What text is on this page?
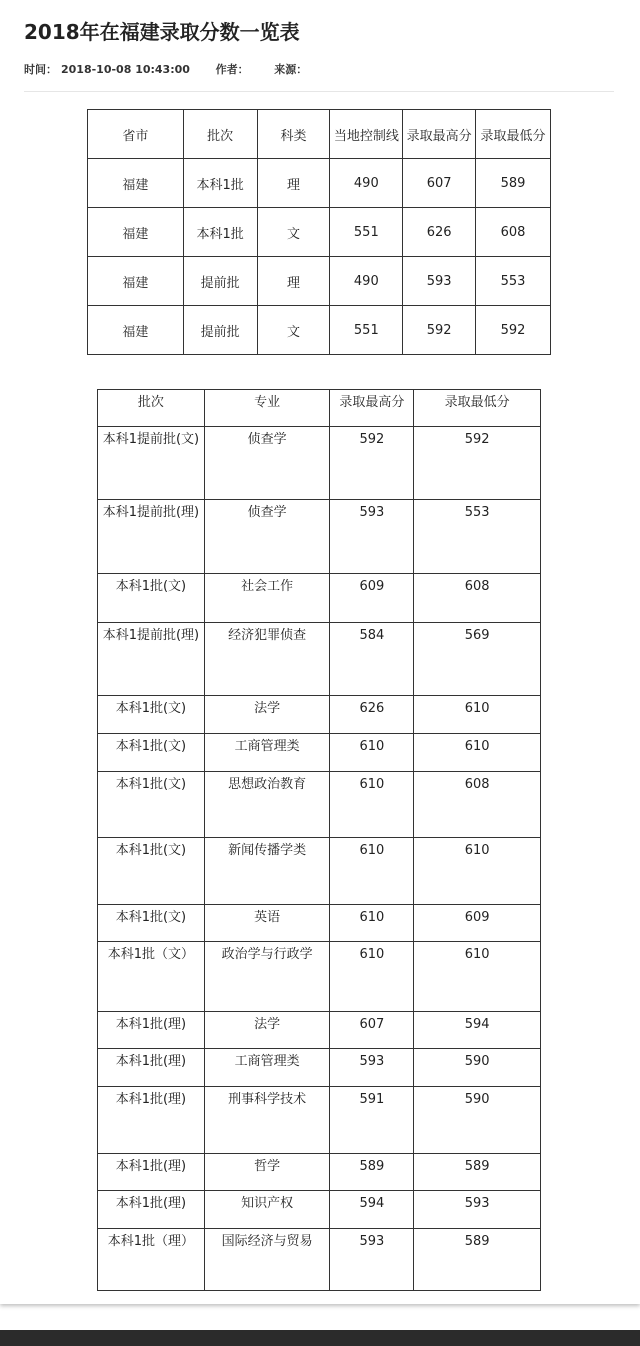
2018年在福建录取分数一览表
时间： 2018-10-08 10:43:00 作者： 来源：
省市	批次	科类	当地控制线	录取最高分	录取最低分
福建	本科1批	理	490	607	589
福建	本科1批	文	551	626	608
福建	提前批	理	490	593	553
福建	提前批	文	551	592	592
批次	专业	录取最高分	录取最低分
本科1提前批(文)	侦查学	592	592
本科1提前批(理)	侦查学	593	553
本科1批(文)	社会工作	609	608
本科1提前批(理)	经济犯罪侦查	584	569
本科1批(文)	法学	626	610
本科1批(文)	工商管理类	610	610
本科1批(文)	思想政治教育	610	608
本科1批(文)	新闻传播学类	610	610
本科1批(文)	英语	610	609
本科1批（文）	政治学与行政学	610	610
本科1批(理)	法学	607	594
本科1批(理)	工商管理类	593	590
本科1批(理)	刑事科学技术	591	590
本科1批(理)	哲学	589	589
本科1批(理)	知识产权	594	593
本科1批（理）	国际经济与贸易	593	589
